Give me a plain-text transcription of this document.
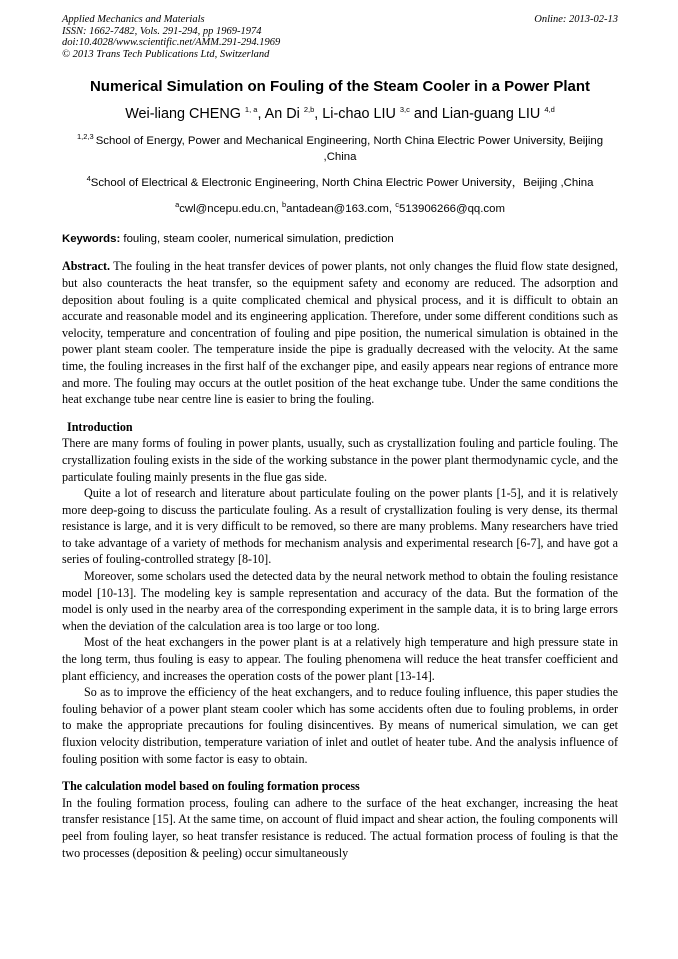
Applied Mechanics and Materials
ISSN: 1662-7482, Vols. 291-294, pp 1969-1974
doi:10.4028/www.scientific.net/AMM.291-294.1969
© 2013 Trans Tech Publications Ltd, Switzerland
Online: 2013-02-13
Numerical Simulation on Fouling of the Steam Cooler in a Power Plant
Wei-liang CHENG $^{1, a}$, An Di $^{2,b}$, Li-chao LIU $^{3,c}$ and Lian-guang LIU $^{4,d}$
$^{1,2,3}$ School of Energy, Power and Mechanical Engineering, North China Electric Power University, Beijing ,China
$^4$School of Electrical & Electronic Engineering, North China Electric Power University，Beijing ,China
$^a$cwl@ncepu.edu.cn, $^b$antadean@163.com, $^c$513906266@qq.com
Keywords: fouling, steam cooler, numerical simulation, prediction

Abstract. The fouling in the heat transfer devices of power plants, not only changes the fluid flow state designed, but also counteracts the heat transfer, so the equipment safety and economy are reduced. The adsorption and deposition about fouling is a quite complicated chemical and physical process, and it is difficult to obtain an accurate and reasonable model and its engineering application. Therefore, under some different conditions such as velocity, temperature and concentration of fouling and pipe position, the numerical simulation is obtained in the power plant steam cooler. The temperature inside the pipe is gradually decreased with the velocity. At the same time, the fouling increases in the first half of the exchanger pipe, and easily appears near regions of entrance more and more. The fouling may occurs at the outlet position of the heat exchange tube. Under the same conditions the heat exchange tube near centre line is easier to bring the fouling.

Introduction

There are many forms of fouling in power plants, usually, such as crystallization fouling and particle fouling. The crystallization fouling exists in the side of the working substance in the power plant thermodynamic cycle, and the particulate fouling mainly presents in the flue gas side.

Quite a lot of research and literature about particulate fouling on the power plants [1-5], and it is relatively more deep-going to discuss the particulate fouling. As a result of crystallization fouling is very dense, its thermal resistance is large, and it is very difficult to be removed, so there are many problems. Many researchers have tried to take advantage of a variety of methods for mechanism analysis and experimental research [6-7], and have got a series of fouling-controlled strategy [8-10].

Moreover, some scholars used the detected data by the neural network method to obtain the fouling resistance model [10-13]. The modeling key is sample representation and accuracy of the data. But the formation of the model is only used in the nearby area of the corresponding experiment in the sample data, it is to bring large errors when the deviation of the calculation area is too large or too long.

Most of the heat exchangers in the power plant is at a relatively high temperature and high pressure state in the long term, thus fouling is easy to appear. The fouling phenomena will reduce the heat transfer coefficient and plant efficiency, and increases the operation costs of the power plant [13-14].

So as to improve the efficiency of the heat exchangers, and to reduce fouling influence, this paper studies the fouling behavior of a power plant steam cooler which has some accidents often due to fouling problems, in order to make the appropriate precautions for fouling disincentives. By means of numerical simulation, we can get fluxion velocity distribution, temperature variation of inlet and outlet of heater tube. And the analysis influence of fouling position with some factor is easy to obtain.

The calculation model based on fouling formation process

In the fouling formation process, fouling can adhere to the surface of the heat exchanger, increasing the heat transfer resistance [15]. At the same time, on account of fluid impact and shear action, the fouling components will peel from fouling layer, so heat transfer resistance is reduced. The actual formation process of fouling is that the two processes (deposition & peeling) occur simultaneously
